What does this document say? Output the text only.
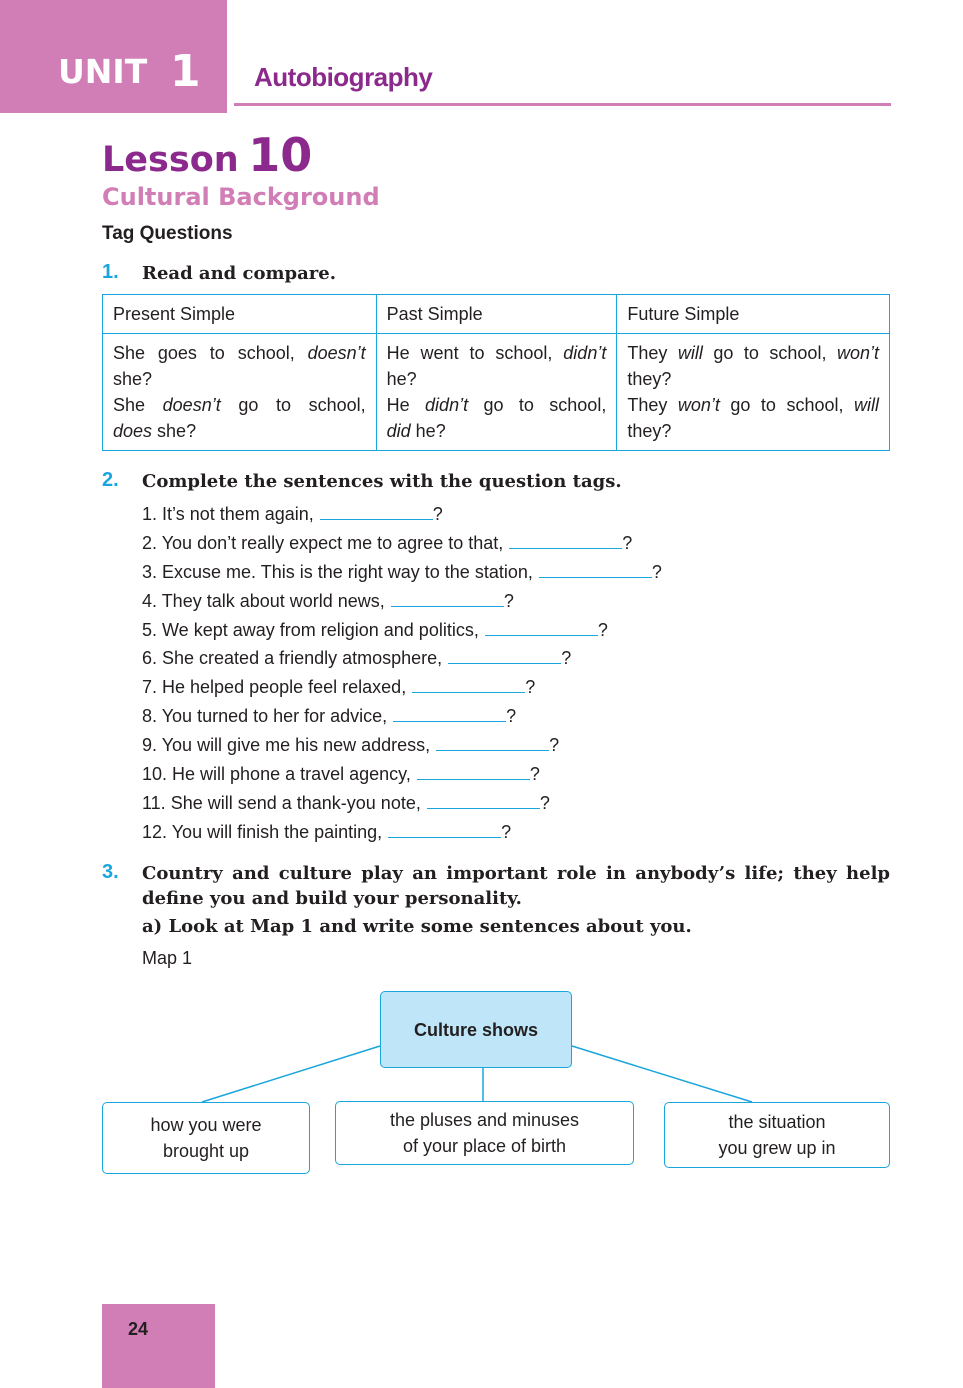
UNIT 1 Autobiography
Lesson 10
Cultural Background
Tag Questions
1. Read and compare.
Present Simple	Past Simple	Future Simple

She goes to school, doesn’t
she?
She doesn’t go to school,
does she?	He went to school, didn’t
he?
He didn’t go to school,
did he?	They will go to school, won’t
they?
They won’t go to school, will
they?
2. Complete the sentences with the question tags.
1. It’s not them again,	?
2. You don’t really expect me to agree to that,	?
3. Excuse me. This is the right way to the station,	?
4. They talk about world news,	?
5. We kept away from religion and politics,	?
6. She created a friendly atmosphere,	?
7. He helped people feel relaxed,	?
8. You turned to her for advice,	?
9. You will give me his new address,	?
10. He will phone a travel agency,	?
11. She will send a thank-you note,	?
12. You will finish the painting,	?
3. Country and culture play an important role in anybody’s life; they help define you and build your personality.
a) Look at Map 1 and write some sentences about you.
Map 1
Culture shows
how you were
brought up
the pluses and minuses
of your place of birth
the situation
you grew up in
24
